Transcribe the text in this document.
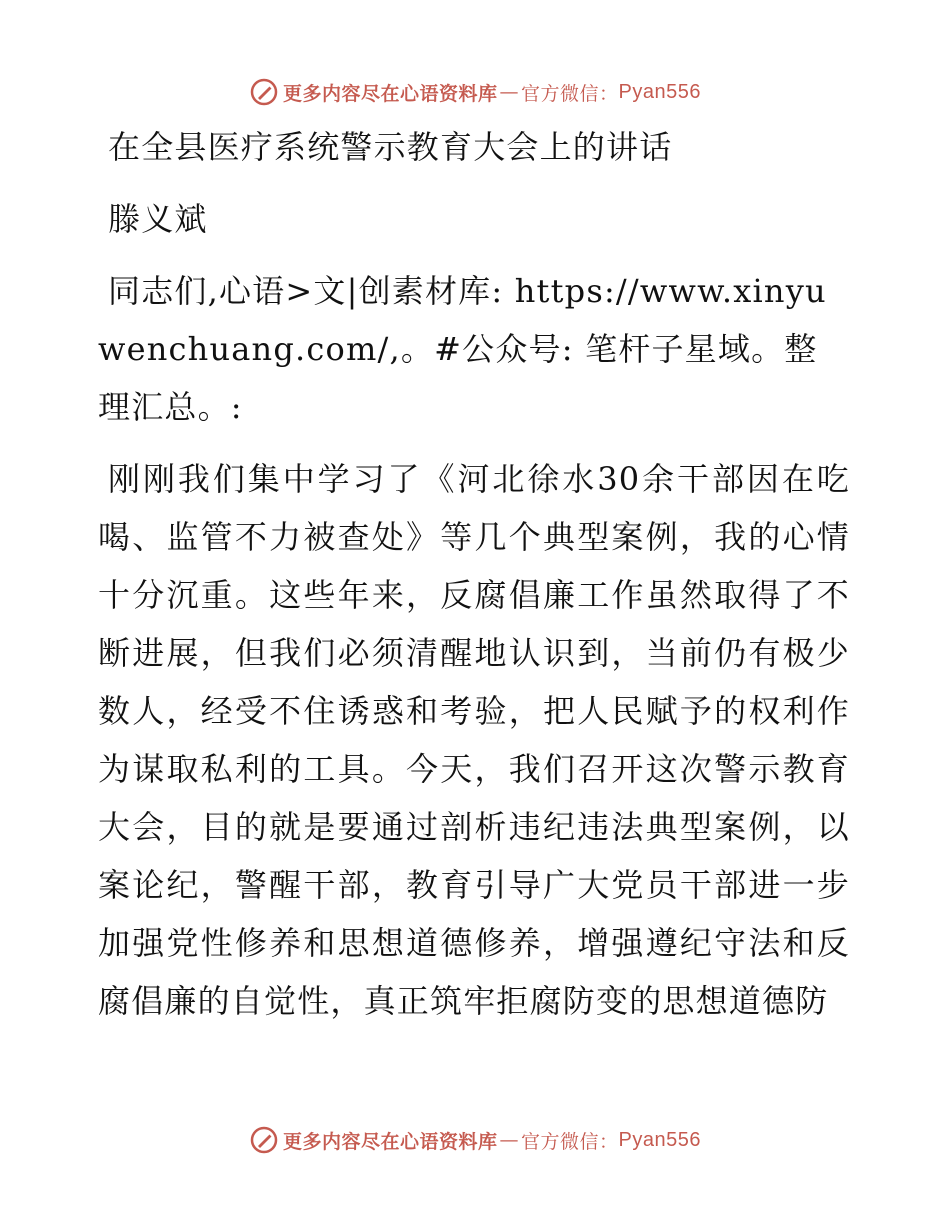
更多内容尽在心语资料库 — 官方微信： Pyan556

在全县医疗系统警示教育大会上的讲话

滕义斌

同志们,心语>文|创素材库: https://www.xinyuwenchuang.com/,。#公众号: 笔杆子星域。整理汇总。:

刚刚我们集中学习了《河北徐水30余干部因在吃喝、监管不力被查处》等几个典型案例，我的心情十分沉重。这些年来，反腐倡廉工作虽然取得了不断进展，但我们必须清醒地认识到，当前仍有极少数人，经受不住诱惑和考验，把人民赋予的权利作为谋取私利的工具。今天，我们召开这次警示教育大会，目的就是要通过剖析违纪违法典型案例，以案论纪，警醒干部，教育引导广大党员干部进一步加强党性修养和思想道德修养，增强遵纪守法和反腐倡廉的自觉性，真正筑牢拒腐防变的思想道德防

更多内容尽在心语资料库 — 官方微信： Pyan556
